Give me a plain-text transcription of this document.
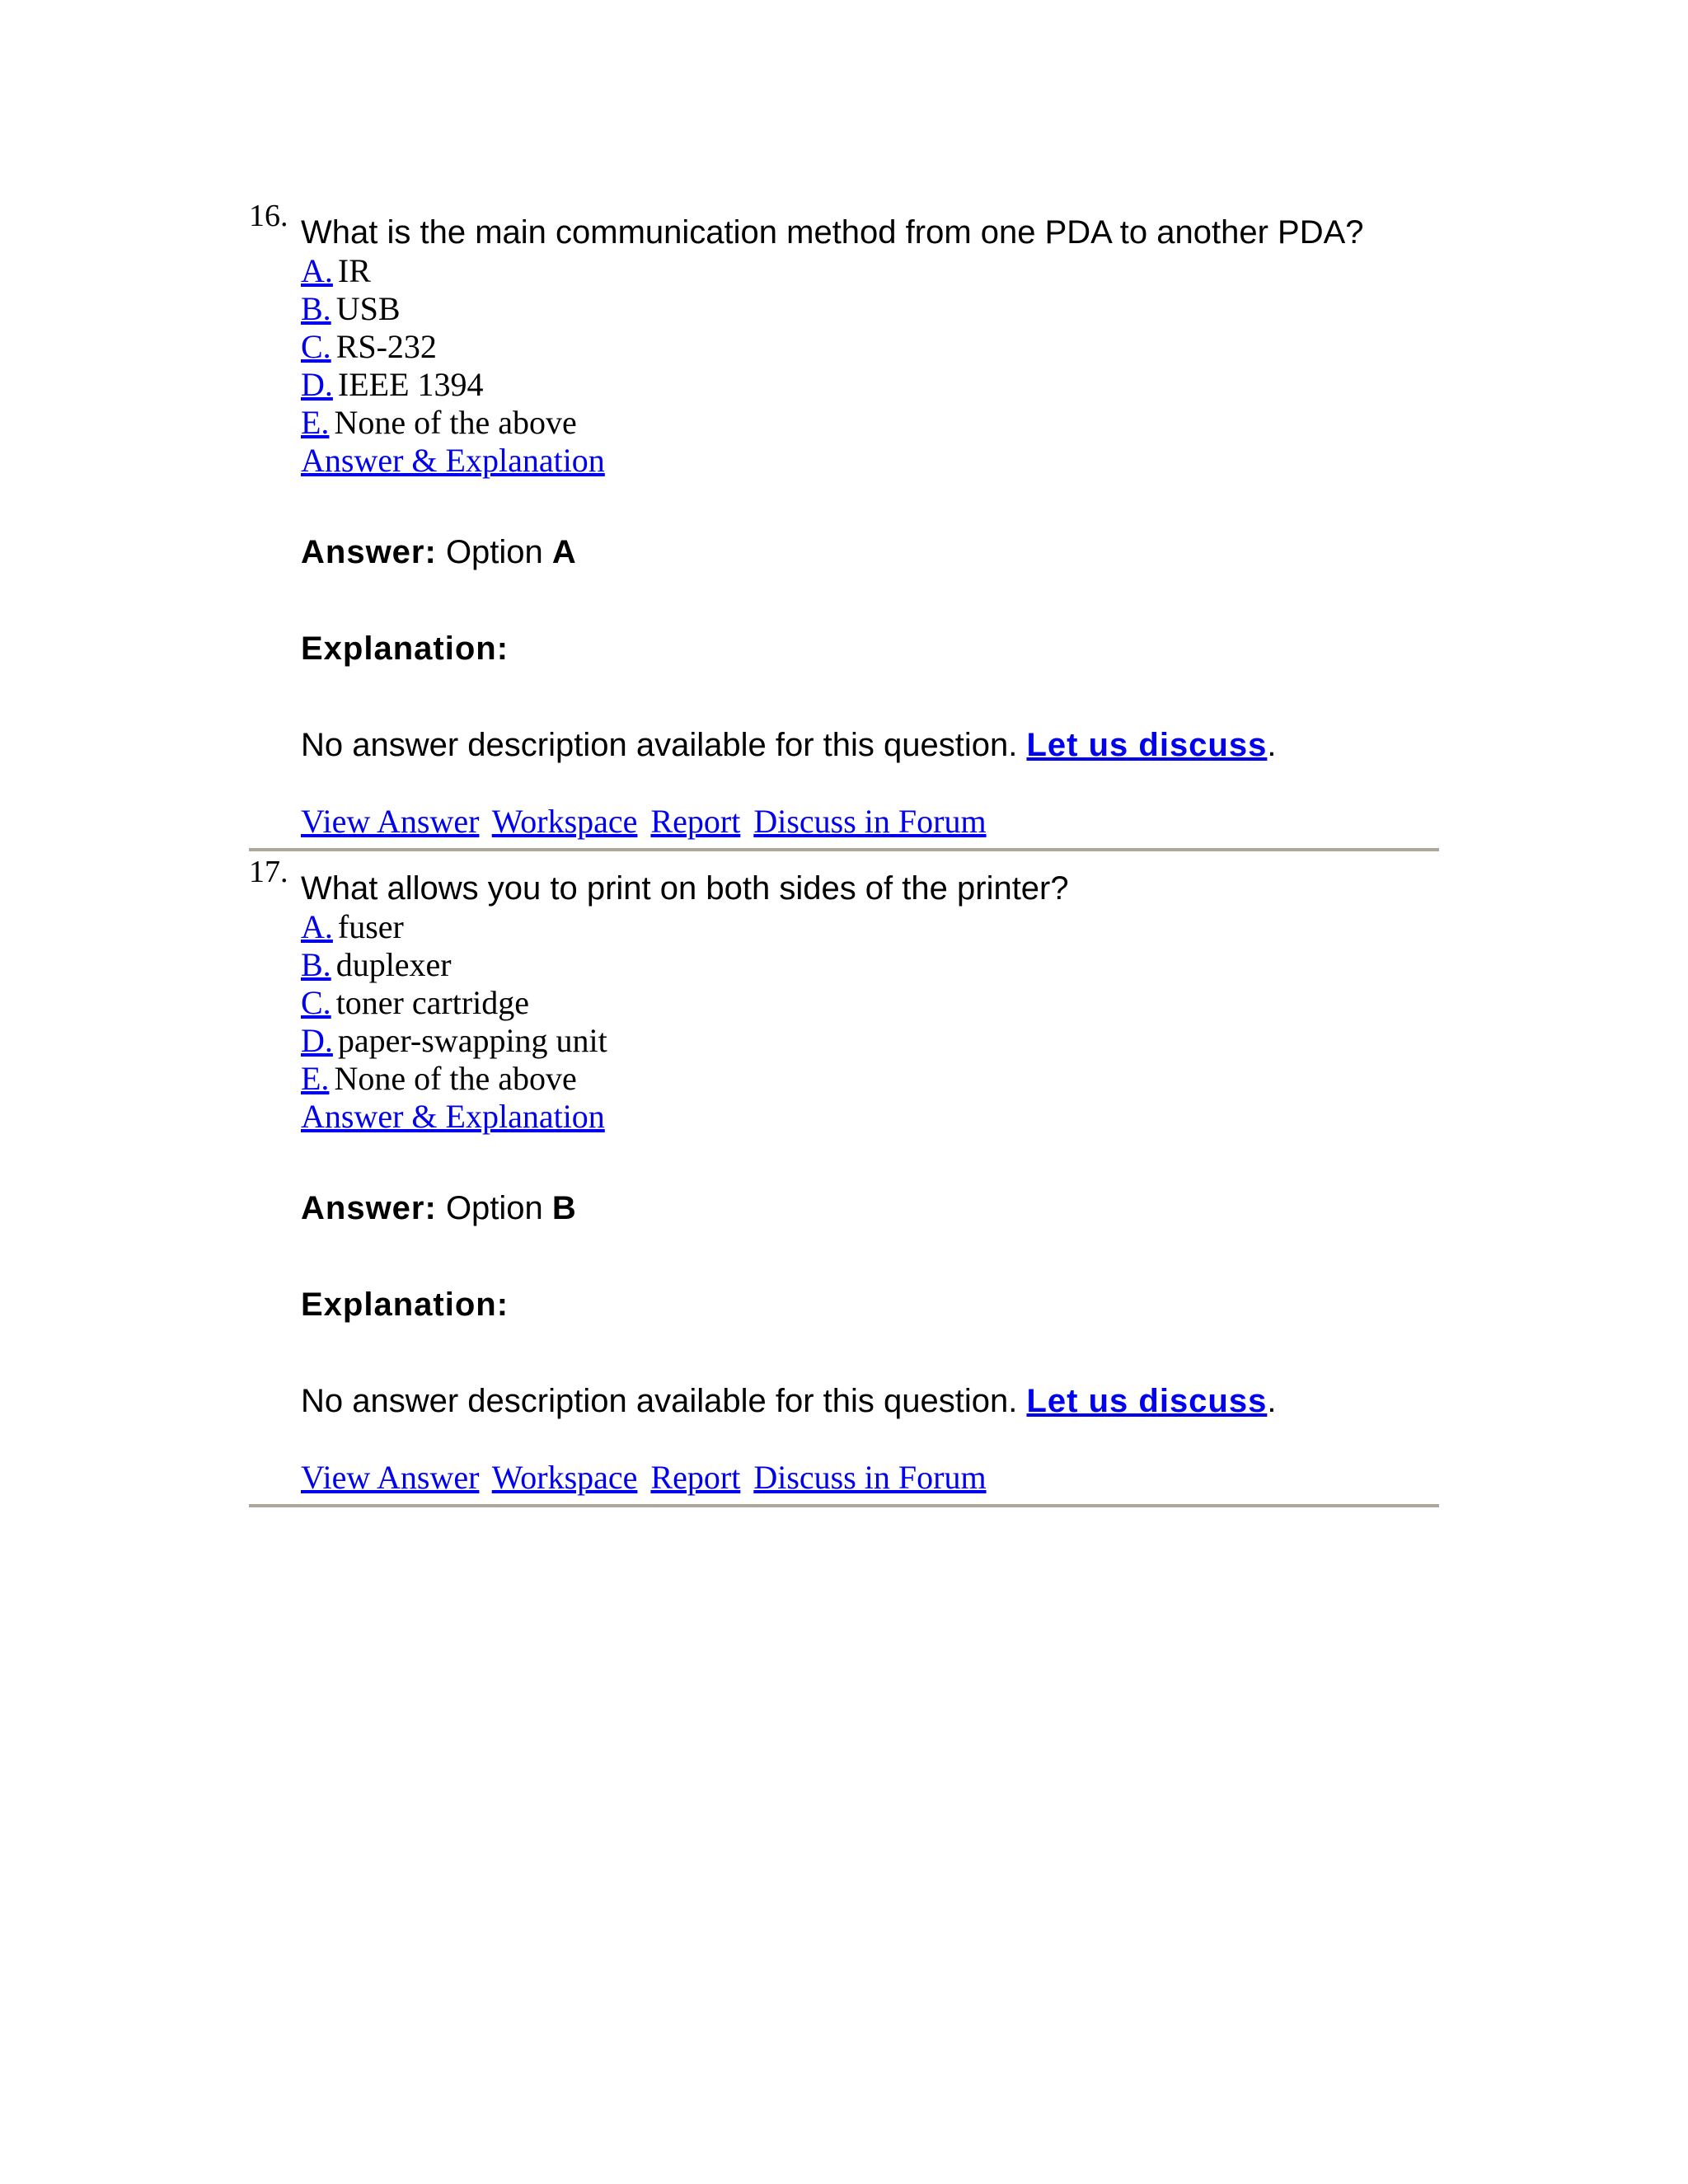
16. What is the main communication method from one PDA to another PDA?
A. IR
B. USB
C. RS-232
D. IEEE 1394
E. None of the above
Answer & Explanation
Answer: Option A
Explanation:
No answer description available for this question. Let us discuss.
View Answer Workspace Report Discuss in Forum
17. What allows you to print on both sides of the printer?
A. fuser
B. duplexer
C. toner cartridge
D. paper-swapping unit
E. None of the above
Answer & Explanation
Answer: Option B
Explanation:
No answer description available for this question. Let us discuss.
View Answer Workspace Report Discuss in Forum
